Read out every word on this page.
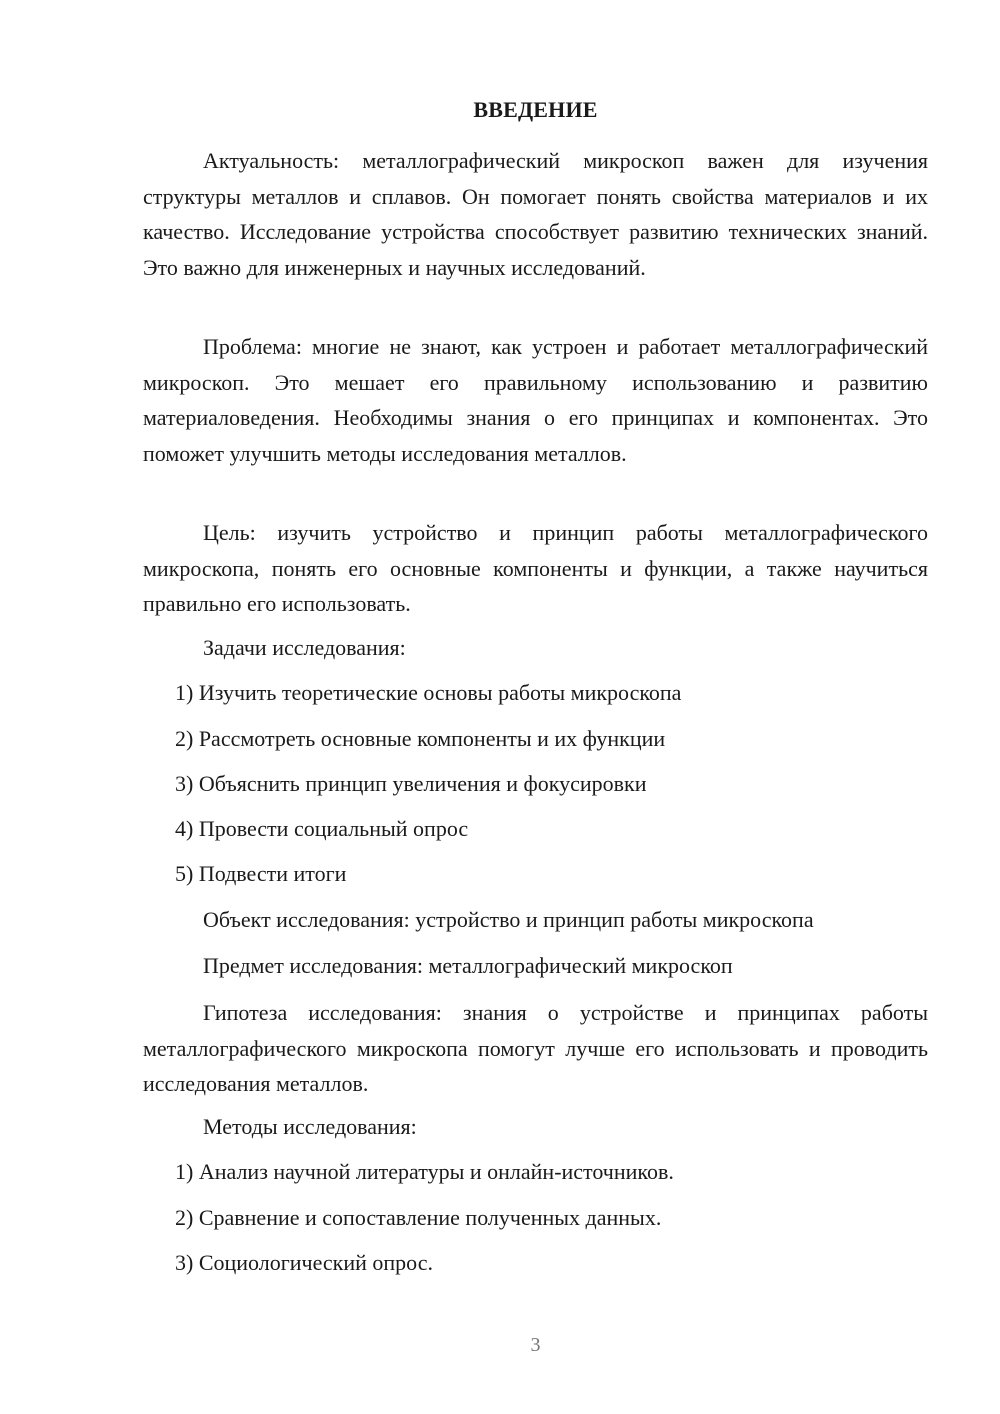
ВВЕДЕНИЕ

Актуальность: металлографический микроскоп важен для изучения структуры металлов и сплавов. Он помогает понять свойства материалов и их качество. Исследование устройства способствует развитию технических знаний. Это важно для инженерных и научных исследований.

Проблема: многие не знают, как устроен и работает металлографический микроскоп. Это мешает его правильному использованию и развитию материаловедения. Необходимы знания о его принципах и компонентах. Это поможет улучшить методы исследования металлов.

Цель: изучить устройство и принцип работы металлографического микроскопа, понять его основные компоненты и функции, а также научиться правильно его использовать.

Задачи исследования:
1) Изучить теоретические основы работы микроскопа
2) Рассмотреть основные компоненты и их функции
3) Объяснить принцип увеличения и фокусировки
4) Провести социальный опрос
5) Подвести итоги
Объект исследования: устройство и принцип работы микроскопа
Предмет исследования: металлографический микроскоп

Гипотеза исследования: знания о устройстве и принципах работы металлографического микроскопа помогут лучше его использовать и проводить исследования металлов.

Методы исследования:
1) Анализ научной литературы и онлайн-источников.
2) Сравнение и сопоставление полученных данных.
3) Социологический опрос.
3
